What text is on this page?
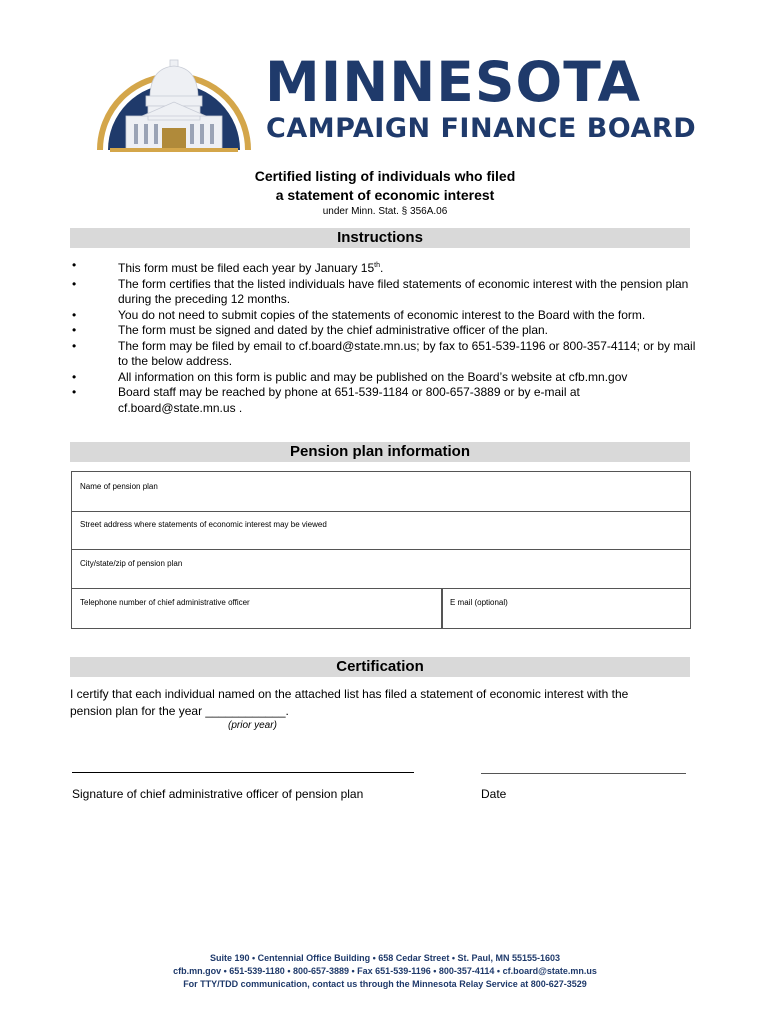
MINNESOTA
CAMPAIGN FINANCE BOARD
Certified listing of individuals who filed
a statement of economic interest
under Minn. Stat. § 356A.06
Instructions
•	This form must be filed each year by January 15th.
•	The form certifies that the listed individuals have filed statements of economic interest with the pension plan during the preceding 12 months.
•	You do not need to submit copies of the statements of economic interest to the Board with the form.
•	The form must be signed and dated by the chief administrative officer of the plan.
•	The form may be filed by email to cf.board@state.mn.us; by fax to 651-539-1196 or 800-357-4114; or by mail to the below address.
•	All information on this form is public and may be published on the Board’s website at cfb.mn.gov
•	Board staff may be reached by phone at 651-539-1184 or 800-657-3889 or by e-mail at cf.board@state.mn.us .
Pension plan information
Name of pension plan
Street address where statements of economic interest may be viewed
City/state/zip of pension plan
Telephone number of chief administrative officer	E mail (optional)
Certification
I certify that each individual named on the attached list has filed a statement of economic interest with the pension plan for the year ____________.
(prior year)
Signature of chief administrative officer of pension plan	Date
Suite 190 • Centennial Office Building • 658 Cedar Street • St. Paul, MN 55155-1603
cfb.mn.gov • 651-539-1180 • 800-657-3889 • Fax 651-539-1196 • 800-357-4114 • cf.board@state.mn.us
For TTY/TDD communication, contact us through the Minnesota Relay Service at 800-627-3529
